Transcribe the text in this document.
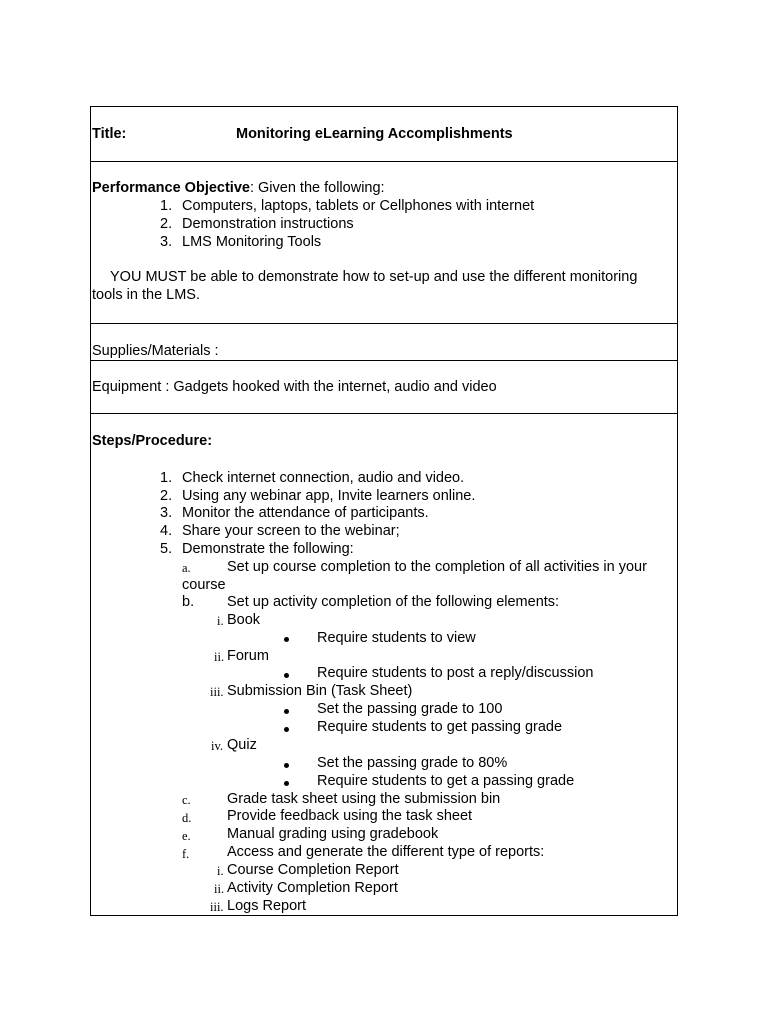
Title:	Monitoring eLearning Accomplishments
Performance Objective: Given the following:
1. Computers, laptops, tablets or Cellphones with internet
2. Demonstration instructions
3. LMS Monitoring Tools
YOU MUST be able to demonstrate how to set-up and use the different monitoring
tools in the LMS.
Supplies/Materials :
Equipment : Gadgets hooked with the internet, audio and video
Steps/Procedure:
1. Check internet connection, audio and video.
2. Using any webinar app, Invite learners online.
3. Monitor the attendance of participants.
4. Share your screen to the webinar;
5. Demonstrate the following:
a.	Set up course completion to the completion of all activities in your
course
b. Set up activity completion of the following elements:
i. Book
Require students to view
ii. Forum
Require students to post a reply/discussion
iii. Submission Bin (Task Sheet)
Set the passing grade to 100
Require students to get passing grade
iv. Quiz
Set the passing grade to 80%
Require students to get a passing grade
c.	Grade task sheet using the submission bin
d. Provide feedback using the task sheet
e.	Manual grading using gradebook
f.	Access and generate the different type of reports:
i. Course Completion Report
ii. Activity Completion Report
iii. Logs Report
